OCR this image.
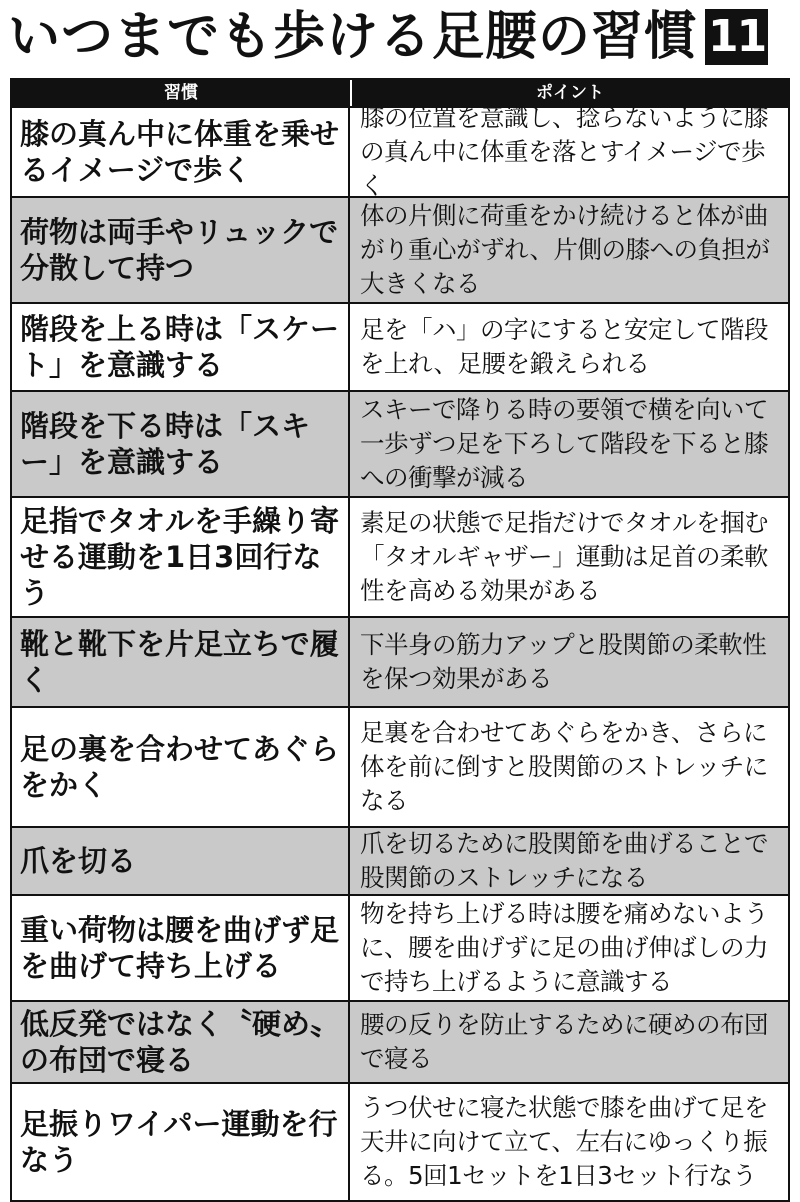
いつまでも歩ける足腰の習慣 11
習慣	ポイント
膝の真ん中に体重を乗せるイメージで歩く
膝の位置を意識し、捻らないように膝の真ん中に体重を落とすイメージで歩く
荷物は両手やリュックで分散して持つ
体の片側に荷重をかけ続けると体が曲がり重心がずれ、片側の膝への負担が大きくなる
階段を上る時は「スケート」を意識する
足を「ハ」の字にすると安定して階段を上れ、足腰を鍛えられる
階段を下る時は「スキー」を意識する
スキーで降りる時の要領で横を向いて一歩ずつ足を下ろして階段を下ると膝への衝撃が減る
足指でタオルを手繰り寄せる運動を1日3回行なう
素足の状態で足指だけでタオルを掴む「タオルギャザー」運動は足首の柔軟性を高める効果がある
靴と靴下を片足立ちで履く
下半身の筋力アップと股関節の柔軟性を保つ効果がある
足の裏を合わせてあぐらをかく
足裏を合わせてあぐらをかき、さらに体を前に倒すと股関節のストレッチになる
爪を切る
爪を切るために股関節を曲げることで股関節のストレッチになる
重い荷物は腰を曲げず足を曲げて持ち上げる
物を持ち上げる時は腰を痛めないように、腰を曲げずに足の曲げ伸ばしの力で持ち上げるように意識する
低反発ではなく〝硬め〟の布団で寝る
腰の反りを防止するために硬めの布団で寝る
足振りワイパー運動を行なう
うつ伏せに寝た状態で膝を曲げて足を天井に向けて立て、左右にゆっくり振る。5回1セットを1日3セット行なう
